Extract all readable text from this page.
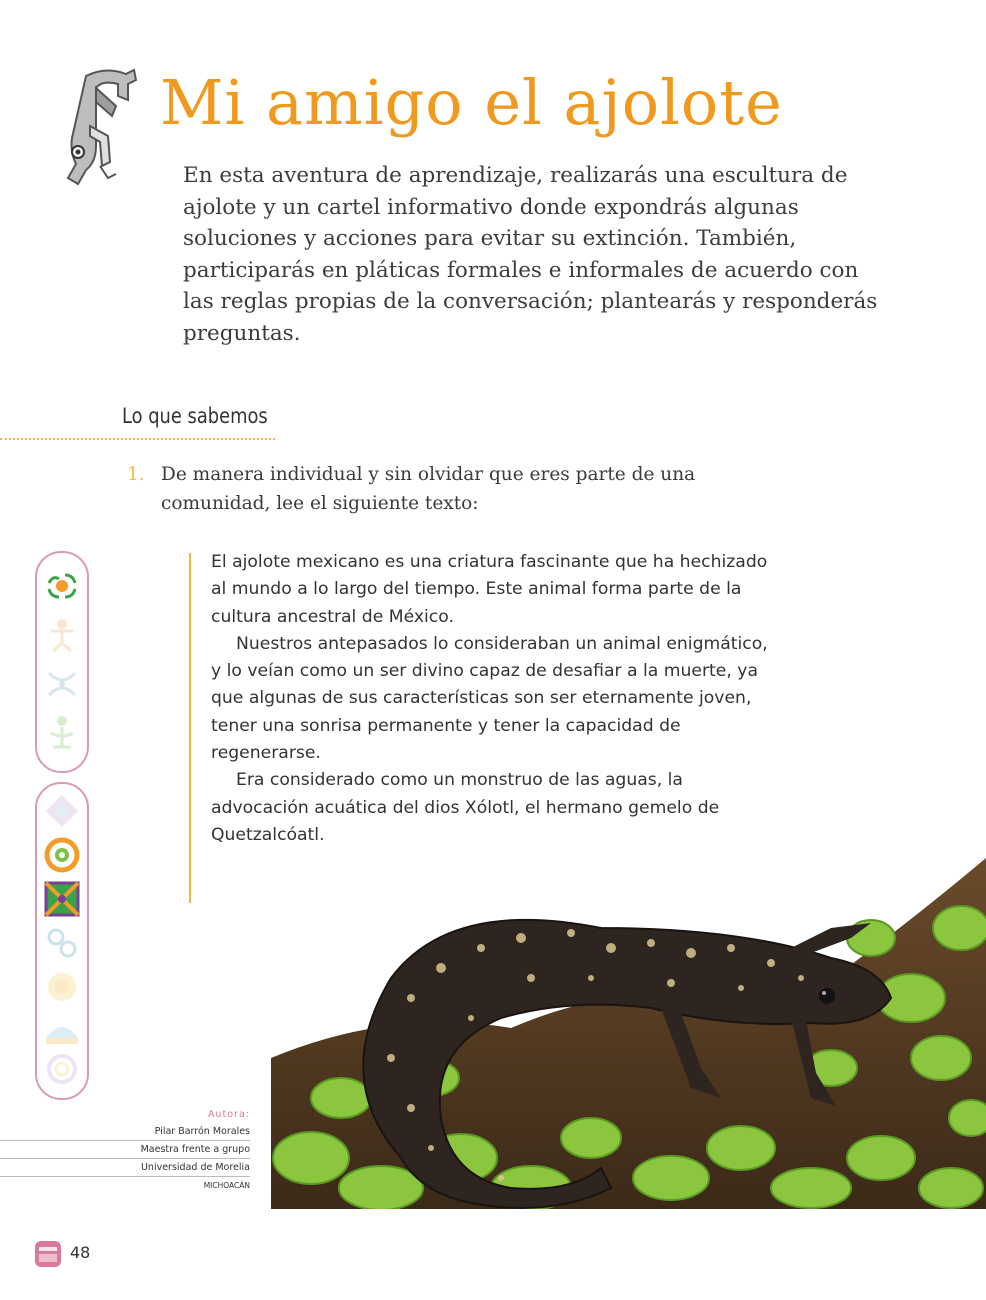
Mi amigo el ajolote

En esta aventura de aprendizaje, realizarás una escultura de ajolote y un cartel informativo donde expondrás algunas soluciones y acciones para evitar su extinción. También, participarás en pláticas formales e informales de acuerdo con las reglas propias de la conversación; plantearás y responderás preguntas.

Lo que sabemos
1. De manera individual y sin olvidar que eres parte de una comunidad, lee el siguiente texto:

El ajolote mexicano es una criatura fascinante que ha hechizado al mundo a lo largo del tiempo. Este animal forma parte de la cultura ancestral de México.

Nuestros antepasados lo consideraban un animal enigmático, y lo veían como un ser divino capaz de desafiar a la muerte, ya que algunas de sus características son ser eternamente joven, tener una sonrisa permanente y tener la capacidad de regenerarse.

Era considerado como un monstruo de las aguas, la advocación acuática del dios Xólotl, el hermano gemelo de Quetzalcóatl.

Autora:
Pilar Barrón Morales
Maestra frente a grupo
Universidad de Morelia
MICHOACÁN
48
